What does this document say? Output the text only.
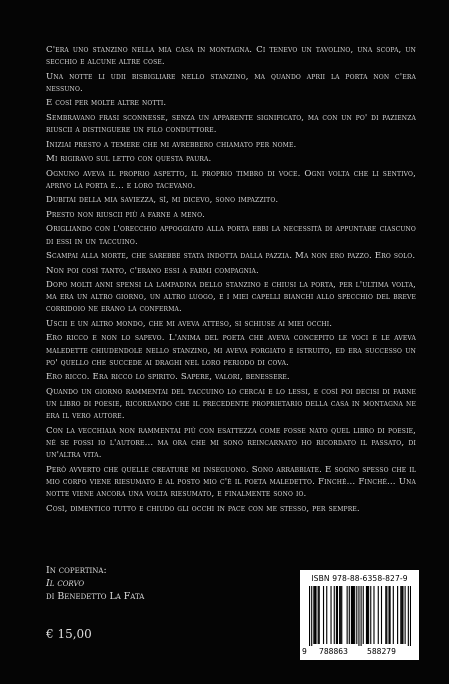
C'era uno stanzino nella mia casa in montagna. Ci tenevo un tavolino, una scopa, un secchio e alcune altre cose.

Una notte li udii bisbigliare nello stanzino, ma quando aprii la porta non c'era nessuno.

E così per molte altre notti.

Sembravano frasi sconnesse, senza un apparente significato, ma con un po' di pazienza riuscii a distinguere un filo conduttore.

Iniziai presto a temere che mi avrebbero chiamato per nome.

Mi rigiravo sul letto con questa paura.

Ognuno aveva il proprio aspetto, il proprio timbro di voce. Ogni volta che li sentivo, aprivo la porta e... e loro tacevano.

Dubitai della mia saviezza, sì, mi dicevo, sono impazzito.

Presto non riuscii più a farne a meno.

Origliando con l'orecchio appoggiato alla porta ebbi la necessità di appuntare ciascuno di essi in un taccuino.

Scampai alla morte, che sarebbe stata indotta dalla pazzia. Ma non ero pazzo. Ero solo.

Non poi così tanto, c'erano essi a farmi compagnia.

Dopo molti anni spensi la lampadina dello stanzino e chiusi la porta, per l'ultima volta, ma era un altro giorno, un altro luogo, e i miei capelli bianchi allo specchio del breve corridoio ne erano la conferma.

Uscii e un altro mondo, che mi aveva atteso, si schiuse ai miei occhi.

Ero ricco e non lo sapevo. L'anima del poeta che aveva concepito le voci e le aveva maledette chiudendole nello stanzino, mi aveva forgiato e istruito, ed era successo un po' quello che succede ai draghi nel loro periodo di cova.

Ero ricco. Era ricco lo spirito. Sapere, valori, benessere.

Quando un giorno rammentai del taccuino lo cercai e lo lessi, e così poi decisi di farne un libro di poesie, ricordando che il precedente proprietario della casa in montagna ne era il vero autore.

Con la vecchiaia non rammentai più con esattezza come fosse nato quel libro di poesie, né se fossi io l'autore... ma ora che mi sono reincarnato ho ricordato il passato, di un'altra vita.

Però avverto che quelle creature mi inseguono. Sono arrabbiate. E sogno spesso che il mio corpo viene riesumato e al posto mio c'è il poeta maledetto. Finché... Finché... Una notte viene ancora una volta riesumato, e finalmente sono io.

Così, dimentico tutto e chiudo gli occhi in pace con me stesso, per sempre.

In copertina:
Il corvo
di Benedetto La Fata
€ 15,00
ISBN 978-88-6358-827-9
9 788863 588279
